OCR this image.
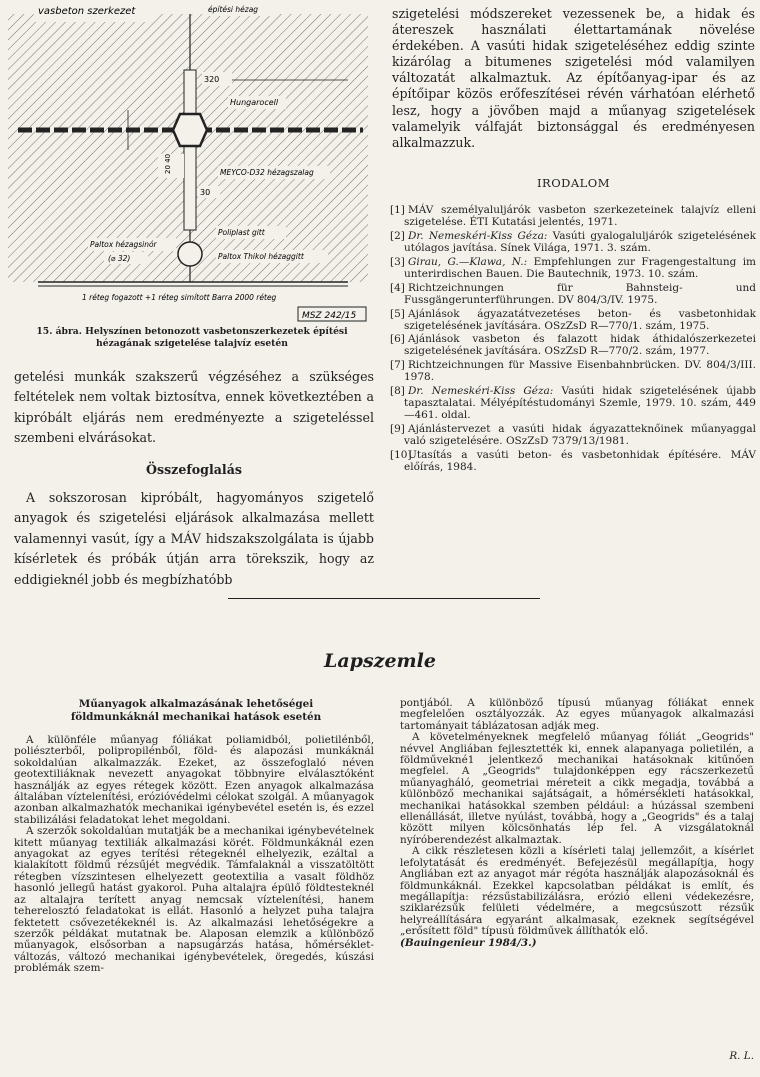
vasbeton szerkezet	építési hézag
320
Hungarocell
20 40	MEYCO-D32 hézagszalag
30
Poliplast gitt
Paltox hézagsinór
(⌀ 32)	Paltox Thikol hézaggitt
1 réteg fogazott +1 réteg simított Barra 2000 réteg
MSZ 242/15
15. ábra. Helyszínen betonozott vasbetonszerkezetek építési hézagának szigetelése talajvíz esetén

getelési munkák szakszerű végzéséhez a szükséges feltételek nem voltak biztosítva, ennek következtében a kipróbált eljárás nem eredményezte a szigeteléssel szembeni elvárásokat.

Összefoglalás

A sokszorosan kipróbált, hagyományos szigetelő anyagok és szigetelési eljárások alkalmazása mellett valamennyi vasút, így a MÁV hidszakszolgálata is újabb kísérletek és próbák útján arra törekszik, hogy az eddigieknél jobb és megbízhatóbb

szigetelési módszereket vezessenek be, a hidak és átereszek használati élettartamának növelése érdekében. A vasúti hidak szigeteléséhez eddig szinte kizárólag a bitumenes szigetelési mód valamilyen változatát alkalmaztuk. Az építőanyag-ipar és az építőipar közös erőfeszítései révén várhatóan elérhető lesz, hogy a jövőben majd a műanyag szigetelések valamelyik válfaját biztonsággal és eredményesen alkalmazzuk.
IRODALOM
[1] MÁV személyaluljárók vasbeton szerkezeteinek talajvíz elleni szigetelése. ÉTI Kutatási jelentés, 1971.
[2] Dr. Nemeskéri-Kiss Géza: Vasúti gyalogaluljárók szigetelésének utólagos javítása. Sínek Világa, 1971. 3. szám.
[3] Girau, G.—Klawa, N.: Empfehlungen zur Fragengestaltung im unterirdischen Bauen. Die Bautechnik, 1973. 10. szám.
[4] Richtzeichnungen für Bahnsteig- und Fussgängerunterführungen. DV 804/3/IV. 1975.
[5] Ajánlások ágyazatátvezetéses beton- és vasbetonhidak szigetelésének javítására. OSzZsD R—770/1. szám, 1975.
[6] Ajánlások vasbeton és falazott hidak áthidalószerkezetei szigetelésének javítására. OSzZsD R—770/2. szám, 1977.
[7] Richtzeichnungen für Massive Eisenbahnbrücken. DV. 804/3/III. 1978.
[8] Dr. Nemeskéri-Kiss Géza: Vasúti hidak szigetelésének újabb tapasztalatai. Mélyépítéstudományi Szemle, 1979. 10. szám, 449—461. oldal.
[9] Ajánlástervezet a vasúti hidak ágyazatteknőinek műanyaggal való szigetelésére. OSzZsD 7379/13/1981.
[10]Utasítás a vasúti beton- és vasbetonhidak építésére. MÁV előírás, 1984.
Lapszemle
Műanyagok alkalmazásának lehetőségei
földmunkáknál mechanikai hatások esetén

A különféle műanyag fóliákat poliamidból, polietilénből, poliészterből, polipropilénből, föld- és alapozási munkáknál sokoldalúan alkalmazzák. Ezeket, az összefoglaló néven geotextiliáknak nevezett anyagokat többnyire elválasztóként használják az egyes rétegek között. Ezen anyagok alkalmazása általában víztelenítési, erózióvédelmi célokat szolgál. A műanyagok azonban alkalmazhatók mechanikai igénybevétel esetén is, és ezzel stabilizálási feladatokat lehet megoldani.

A szerzők sokoldalúan mutatják be a mechanikai igénybevételnek kitett műanyag textiliák alkalmazási körét. Földmunkáknál ezen anyagokat az egyes terítési rétegeknél elhelyezik, ezáltal a kialakított földmű rézsűjét megvédik. Támfalaknál a visszatöltött rétegben vízszintesen elhelyezett geotextilia a vasalt földhöz hasonló jellegű hatást gyakorol. Puha altalajra épülő földtesteknél az altalajra terített anyag nemcsak víztelenítési, hanem teherelosztó feladatokat is ellát. Hasonló a helyzet puha talajra fektetett csővezetékeknél is. Az alkalmazási lehetőségekre a szerzők példákat mutatnak be. Alaposan elemzik a különböző műanyagok, elsősorban a napsugárzás hatása, hőmérséklet-változás, változó mechanikai igénybevételek, öregedés, kúszási problémák szem-

pontjából. A különböző típusú műanyag fóliákat ennek megfelelően osztályozzák. Az egyes műanyagok alkalmazási tartományait táblázatosan adják meg.

A követelményeknek megfelelő műanyag fóliát „Geogrids" névvel Angliában fejlesztették ki, ennek alapanyaga polietilén, a földművekné1 jelentkező mechanikai hatásoknak kitűnően megfelel. A „Geogrids" tulajdonképpen egy rácszerkezetű műanyagháló, geometriai méreteit a cikk megadja, továbbá a különböző mechanikai sajátságait, a hőmérsékleti hatásokkal, mechanikai hatásokkal szemben például: a húzással szembeni ellenállását, illetve nyúlást, továbbá, hogy a „Geogrids" és a talaj között milyen kölcsönhatás lép fel. A vizsgálatoknál nyíróberendezést alkalmaztak.

A cikk részletesen közli a kísérleti talaj jellemzőit, a kísérlet lefolytatását és eredményét. Befejezésül megállapítja, hogy Angliában ezt az anyagot már régóta használják alapozásoknál és földmunkáknál. Ezekkel kapcsolatban példákat is említ, és megállapítja: rézsűstabilizálásra, erózió elleni védekezésre, sziklarézsűk felületi védelmére, a megcsúszott rézsűk helyreállítására egyaránt alkalmasak, ezeknek segítségével „erősített föld" típusú földművek állíthatók elő.

(Bauingenieur 1984/3.)

R. L.
